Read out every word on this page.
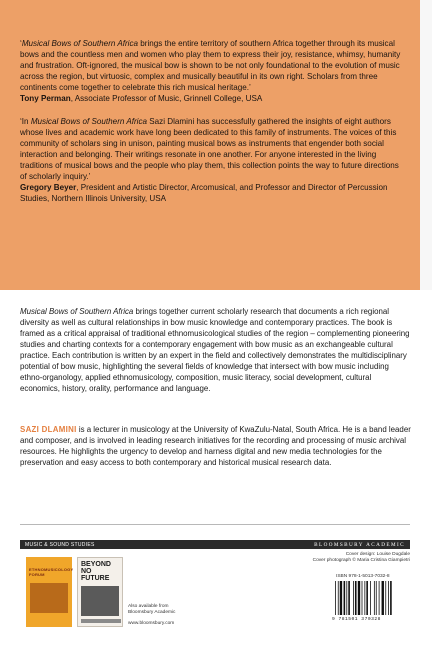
‘Musical Bows of Southern Africa brings the entire territory of southern Africa together through its musical bows and the countless men and women who play them to express their joy, resistance, whimsy, humanity and frustration. Oft-ignored, the musical bow is shown to be not only foundational to the evolution of music across the region, but virtuosic, complex and musically beautiful in its own right. Scholars from three continents come together to celebrate this rich musical heritage.’

Tony Perman, Associate Professor of Music, Grinnell College, USA

‘In Musical Bows of Southern Africa Sazi Dlamini has successfully gathered the insights of eight authors whose lives and academic work have long been dedicated to this family of instruments. The voices of this community of scholars sing in unison, painting musical bows as instruments that engender both social interaction and belonging. Their writings resonate in one another. For anyone interested in the living traditions of musical bows and the people who play them, this collection points the way to future directions of scholarly inquiry.’

Gregory Beyer, President and Artistic Director, Arcomusical, and Professor and Director of Percussion Studies, Northern Illinois University, USA

Musical Bows of Southern Africa brings together current scholarly research that documents a rich regional diversity as well as cultural relationships in bow music knowledge and contemporary practices. The book is framed as a critical appraisal of traditional ethnomusicological studies of the region – complementing pioneering studies and charting contexts for a contemporary engagement with bow music as an exchangeable cultural practice. Each contribution is written by an expert in the field and collectively demonstrates the multidisciplinary potential of bow music, highlighting the several fields of knowledge that intersect with bow music including ethno-organology, applied ethnomusicology, composition, music literacy, social development, cultural economics, history, orality, performance and language.

SAZI DLAMINI is a lecturer in musicology at the University of KwaZulu-Natal, South Africa. He is a band leader and composer, and is involved in leading research initiatives for the recording and processing of music archival resources. He highlights the urgency to develop and harness digital and new media technologies for the preservation and easy access to both contemporary and historical musical research data.

MUSIC & SOUND STUDIES	BLOOMSBURY ACADEMIC
Cover design: Louise Dugdale
Cover photograph © Maria Cristina Giampietri
ETHNOMUSICOLOGY FORUM
BEYOND NO FUTURE
Also available from
Bloomsbury Academic
www.bloomsbury.com
ISBN 978-1-5013-7032-8
9 781501 370328
